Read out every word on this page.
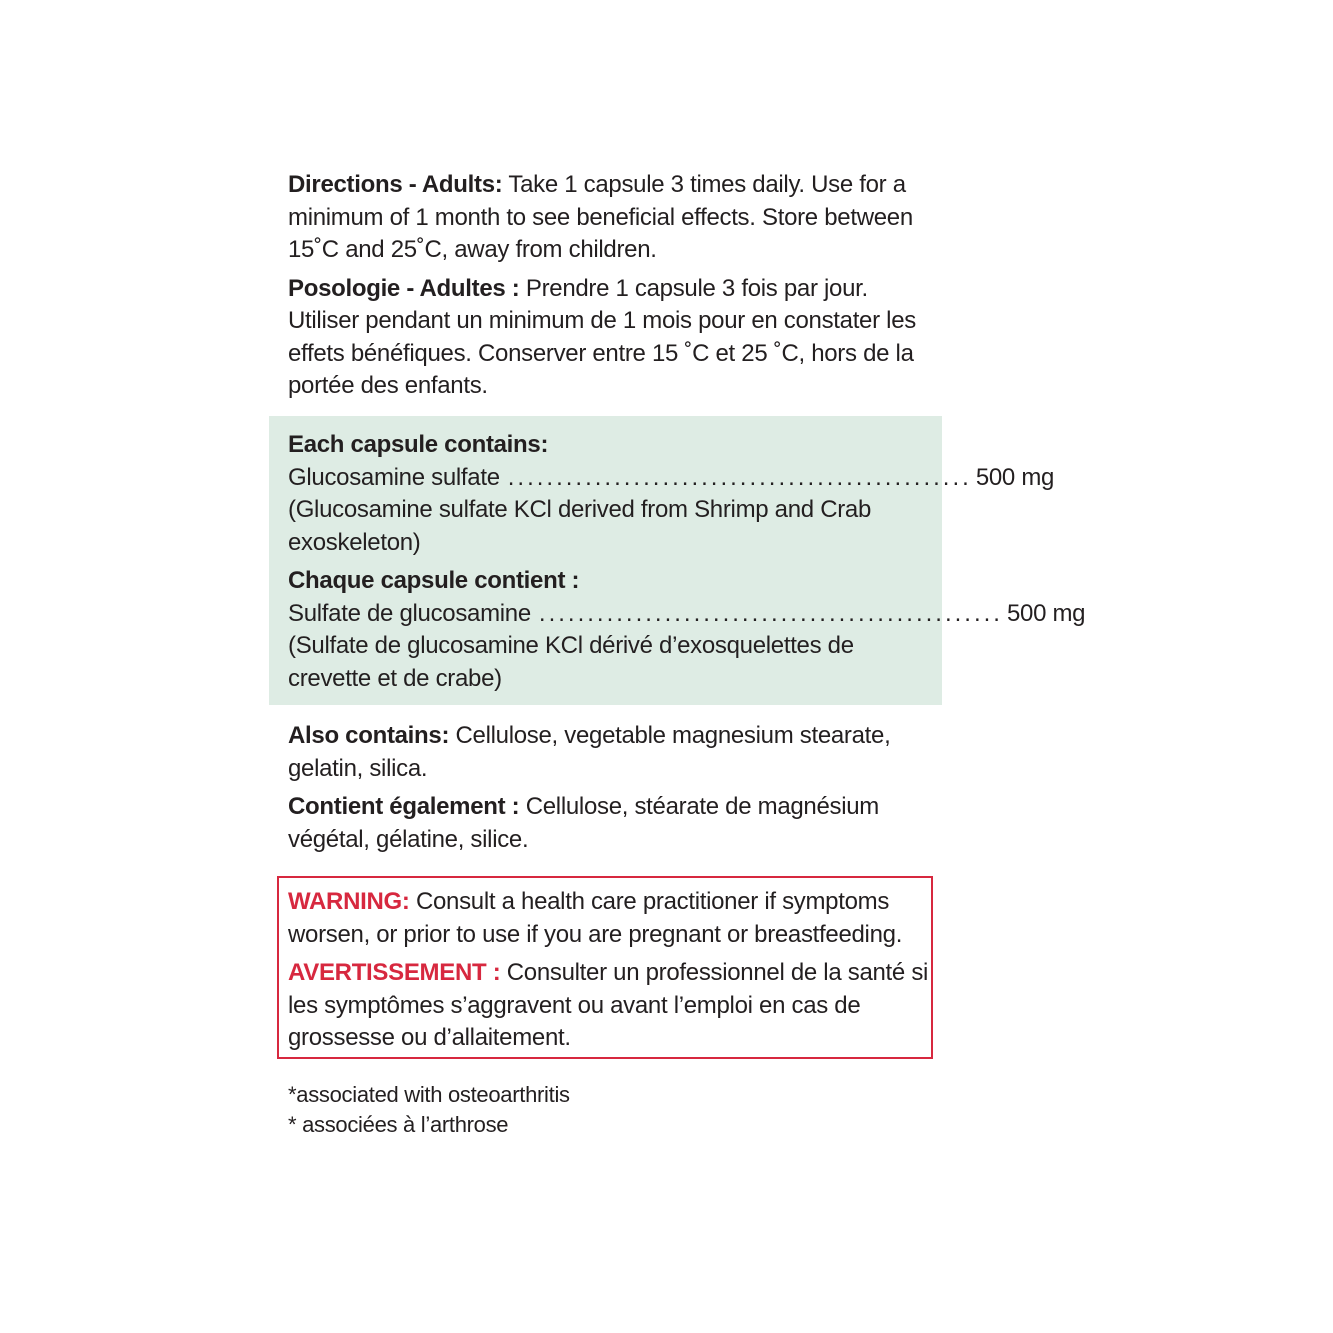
Directions - Adults: Take 1 capsule 3 times daily. Use for a minimum of 1 month to see beneficial effects. Store between 15˚C and 25˚C, away from children.

Posologie - Adultes : Prendre 1 capsule 3 fois par jour. Utiliser pendant un minimum de 1 mois pour en constater les effets bénéfiques. Conserver entre 15 ˚C et 25 ˚C, hors de la portée des enfants.

Each capsule contains:

Glucosamine sulfate ................................................ 500 mg

(Glucosamine sulfate KCl derived from Shrimp and Crab exoskeleton)

Chaque capsule contient :

Sulfate de glucosamine ................................................ 500 mg

(Sulfate de glucosamine KCl dérivé d’exosquelettes de crevette et de crabe)

Also contains: Cellulose, vegetable magnesium stearate, gelatin, silica.

Contient également : Cellulose, stéarate de magnésium végétal, gélatine, silice.

WARNING: Consult a health care practitioner if symptoms worsen, or prior to use if you are pregnant or breastfeeding.

AVERTISSEMENT : Consulter un professionnel de la santé si les symptômes s’aggravent ou avant l’emploi en cas de grossesse ou d’allaitement.

*associated with osteoarthritis
* associées à l’arthrose
